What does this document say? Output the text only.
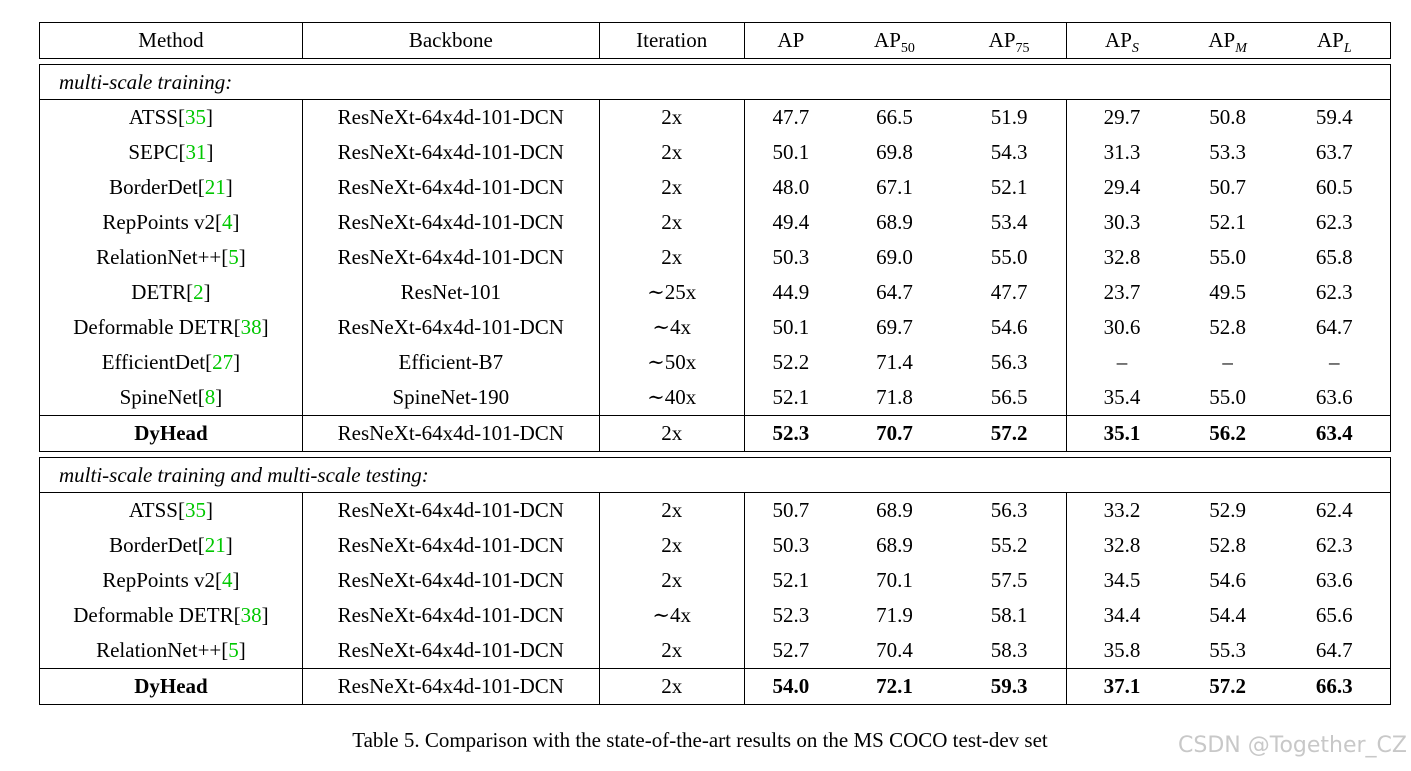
Method	Backbone	Iteration	AP	$AP_{50}$	$AP_{75}$	$AP_S$	$AP_M$	$AP_L$

multi-scale training:								
ATSS[35]	ResNeXt-64x4d-101-DCN	2x	47.7	66.5	51.9	29.7	50.8	59.4
SEPC[31]	ResNeXt-64x4d-101-DCN	2x	50.1	69.8	54.3	31.3	53.3	63.7
BorderDet[21]	ResNeXt-64x4d-101-DCN	2x	48.0	67.1	52.1	29.4	50.7	60.5
RepPoints v2[4]	ResNeXt-64x4d-101-DCN	2x	49.4	68.9	53.4	30.3	52.1	62.3
RelationNet++[5]	ResNeXt-64x4d-101-DCN	2x	50.3	69.0	55.0	32.8	55.0	65.8
DETR[2]	ResNet-101	∼25x	44.9	64.7	47.7	23.7	49.5	62.3
Deformable DETR[38]	ResNeXt-64x4d-101-DCN	∼4x	50.1	69.7	54.6	30.6	52.8	64.7
EfficientDet[27]	Efficient-B7	∼50x	52.2	71.4	56.3	–	–	–
SpineNet[8]	SpineNet-190	∼40x	52.1	71.8	56.5	35.4	55.0	63.6
DyHead	ResNeXt-64x4d-101-DCN	2x	52.3	70.7	57.2	35.1	56.2	63.4

multi-scale training and multi-scale testing:								
ATSS[35]	ResNeXt-64x4d-101-DCN	2x	50.7	68.9	56.3	33.2	52.9	62.4
BorderDet[21]	ResNeXt-64x4d-101-DCN	2x	50.3	68.9	55.2	32.8	52.8	62.3
RepPoints v2[4]	ResNeXt-64x4d-101-DCN	2x	52.1	70.1	57.5	34.5	54.6	63.6
Deformable DETR[38]	ResNeXt-64x4d-101-DCN	∼4x	52.3	71.9	58.1	34.4	54.4	65.6
RelationNet++[5]	ResNeXt-64x4d-101-DCN	2x	52.7	70.4	58.3	35.8	55.3	64.7
DyHead	ResNeXt-64x4d-101-DCN	2x	54.0	72.1	59.3	37.1	57.2	66.3
Table 5. Comparison with the state-of-the-art results on the MS COCO test-dev set	CSDN @Together_CZ
